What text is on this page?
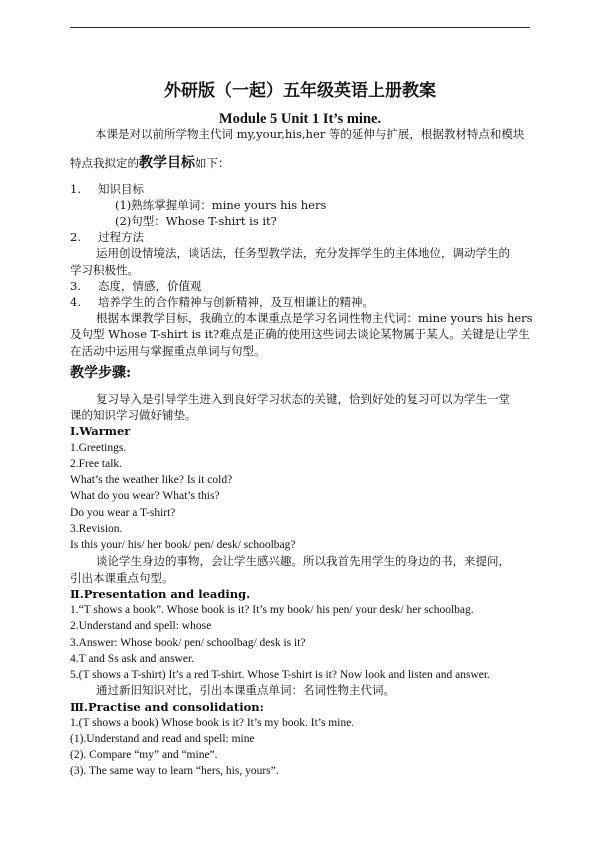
外研版（一起）五年级英语上册教案
Module 5 Unit 1 It’s mine.
本课是对以前所学物主代词 my,your,his,her 等的延伸与扩展，根据教材特点和模块
特点我拟定的教学目标如下：
1. 知识目标
(1)熟练掌握单词：mine yours his hers
(2)句型：Whose T-shirt is it?
2. 过程方法
运用创设情境法，谈话法，任务型教学法，充分发挥学生的主体地位，调动学生的
学习积极性。
3. 态度，情感，价值观
4. 培养学生的合作精神与创新精神，及互相谦让的精神。
根据本课教学目标，我确立的本课重点是学习名词性物主代词：mine yours his hers
及句型 Whose T-shirt is it?难点是正确的使用这些词去谈论某物属于某人。关键是让学生
在活动中运用与掌握重点单词与句型。
教学步骤:
复习导入是引导学生进入到良好学习状态的关键，恰到好处的复习可以为学生一堂
课的知识学习做好铺垫。
Ⅰ.Warmer
1.Greetings.
2.Free talk.
What’s the weather like? Is it cold?
What do you wear? What’s this?
Do you wear a T-shirt?
3.Revision.
Is this your/ his/ her book/ pen/ desk/ schoolbag?
谈论学生身边的事物，会让学生感兴趣。所以我首先用学生的身边的书，来提问，
引出本课重点句型。
Ⅱ.Presentation and leading.
1.“T shows a book”. Whose book is it? It’s my book/ his pen/ your desk/ her schoolbag.
2.Understand and spell: whose
3.Answer: Whose book/ pen/ schoolbag/ desk is it?
4.T and Ss ask and answer.
5.(T shows a T-shirt) It’s a red T-shirt. Whose T-shirt is it? Now look and listen and answer.
通过新旧知识对比，引出本课重点单词：名词性物主代词。
Ⅲ.Practise and consolidation:
1.(T shows a book) Whose book is it? It’s my book. It’s mine.
(1).Understand and read and spell: mine
(2). Compare “my” and “mine”.
(3). The same way to learn “hers, his, yours”.
